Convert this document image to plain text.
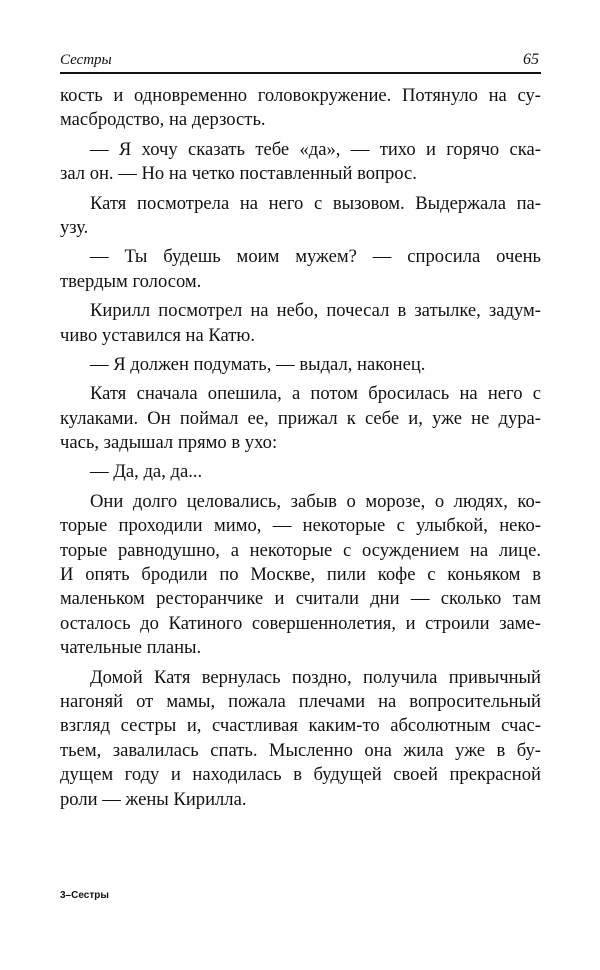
Сестры	65
кость и одновременно головокружение. Потянуло на су-
масбродство, на дерзость.
— Я хочу сказать тебе «да», — тихо и горячо ска-
зал он. — Но на четко поставленный вопрос.
Катя посмотрела на него с вызовом. Выдержала па-
узу.
— Ты будешь моим мужем? — спросила очень
твердым голосом.
Кирилл посмотрел на небо, почесал в затылке, задум-
чиво уставился на Катю.
— Я должен подумать, — выдал, наконец.
Катя сначала опешила, а потом бросилась на него с
кулаками. Он поймал ее, прижал к себе и, уже не дура-
чась, задышал прямо в ухо:
— Да, да, да...
Они долго целовались, забыв о морозе, о людях, ко-
торые проходили мимо, — некоторые с улыбкой, неко-
торые равнодушно, а некоторые с осуждением на лице.
И опять бродили по Москве, пили кофе с коньяком в
маленьком ресторанчике и считали дни — сколько там
осталось до Катиного совершеннолетия, и строили заме-
чательные планы.
Домой Катя вернулась поздно, получила привычный
нагоняй от мамы, пожала плечами на вопросительный
взгляд сестры и, счастливая каким-то абсолютным счас-
тьем, завалилась спать. Мысленно она жила уже в бу-
дущем году и находилась в будущей своей прекрасной
роли — жены Кирилла.
3–Сестры
